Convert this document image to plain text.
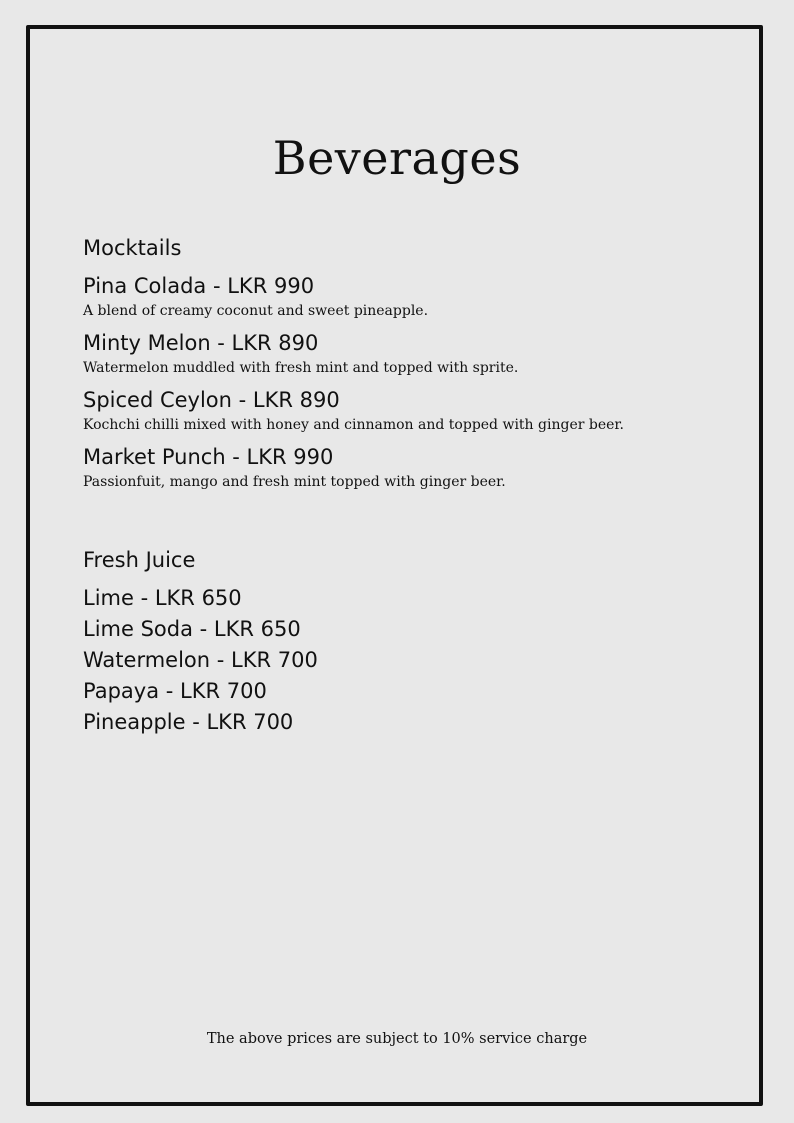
Beverages
Mocktails
Pina Colada - LKR 990
A blend of creamy coconut and sweet pineapple.
Minty Melon - LKR 890
Watermelon muddled with fresh mint and topped with sprite.
Spiced Ceylon - LKR 890
Kochchi chilli mixed with honey and cinnamon and topped with ginger beer.
Market Punch - LKR 990
Passionfuit, mango and fresh mint topped with ginger beer.
Fresh Juice
Lime - LKR 650
Lime Soda - LKR 650
Watermelon - LKR 700
Papaya - LKR 700
Pineapple - LKR 700
The above prices are subject to 10% service charge
